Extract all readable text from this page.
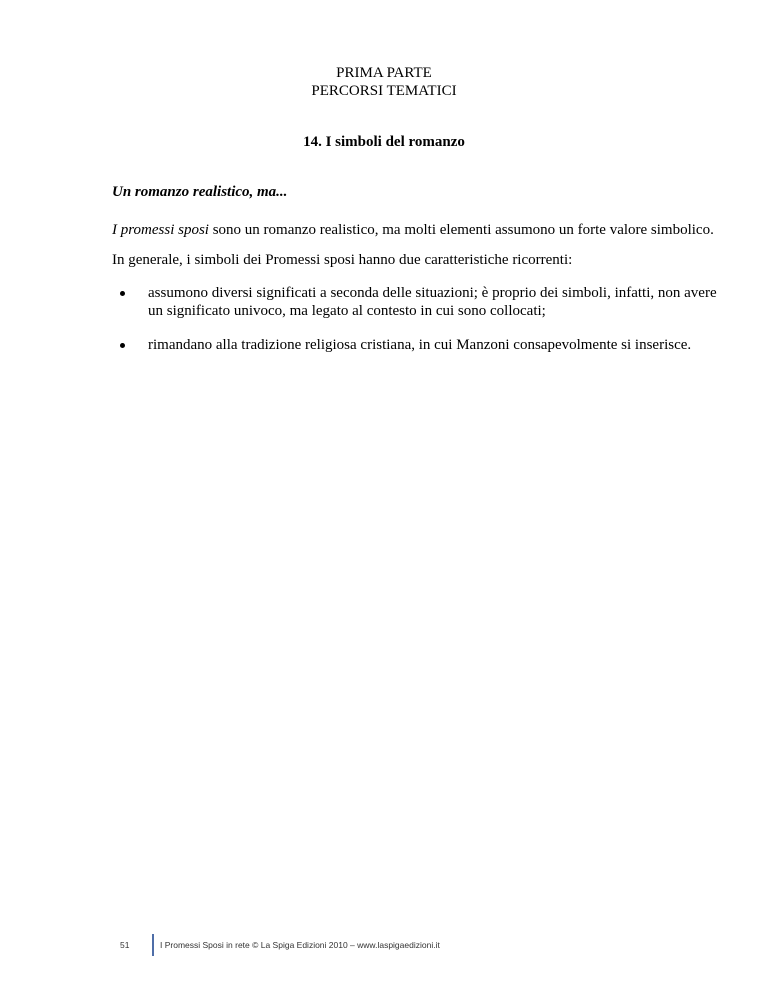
PRIMA PARTE
PERCORSI TEMATICI
14. I simboli del romanzo
Un romanzo realistico, ma...
I promessi sposi sono un romanzo realistico, ma molti elementi assumono un forte valore simbolico.
In generale, i simboli dei Promessi sposi hanno due caratteristiche ricorrenti:
assumono diversi significati a seconda delle situazioni; è proprio dei simboli, infatti, non avere un significato univoco, ma legato al contesto in cui sono collocati;
rimandano alla tradizione religiosa cristiana, in cui Manzoni consapevolmente si inserisce.
51	I Promessi Sposi in rete © La Spiga Edizioni 2010 – www.laspigaedizioni.it
